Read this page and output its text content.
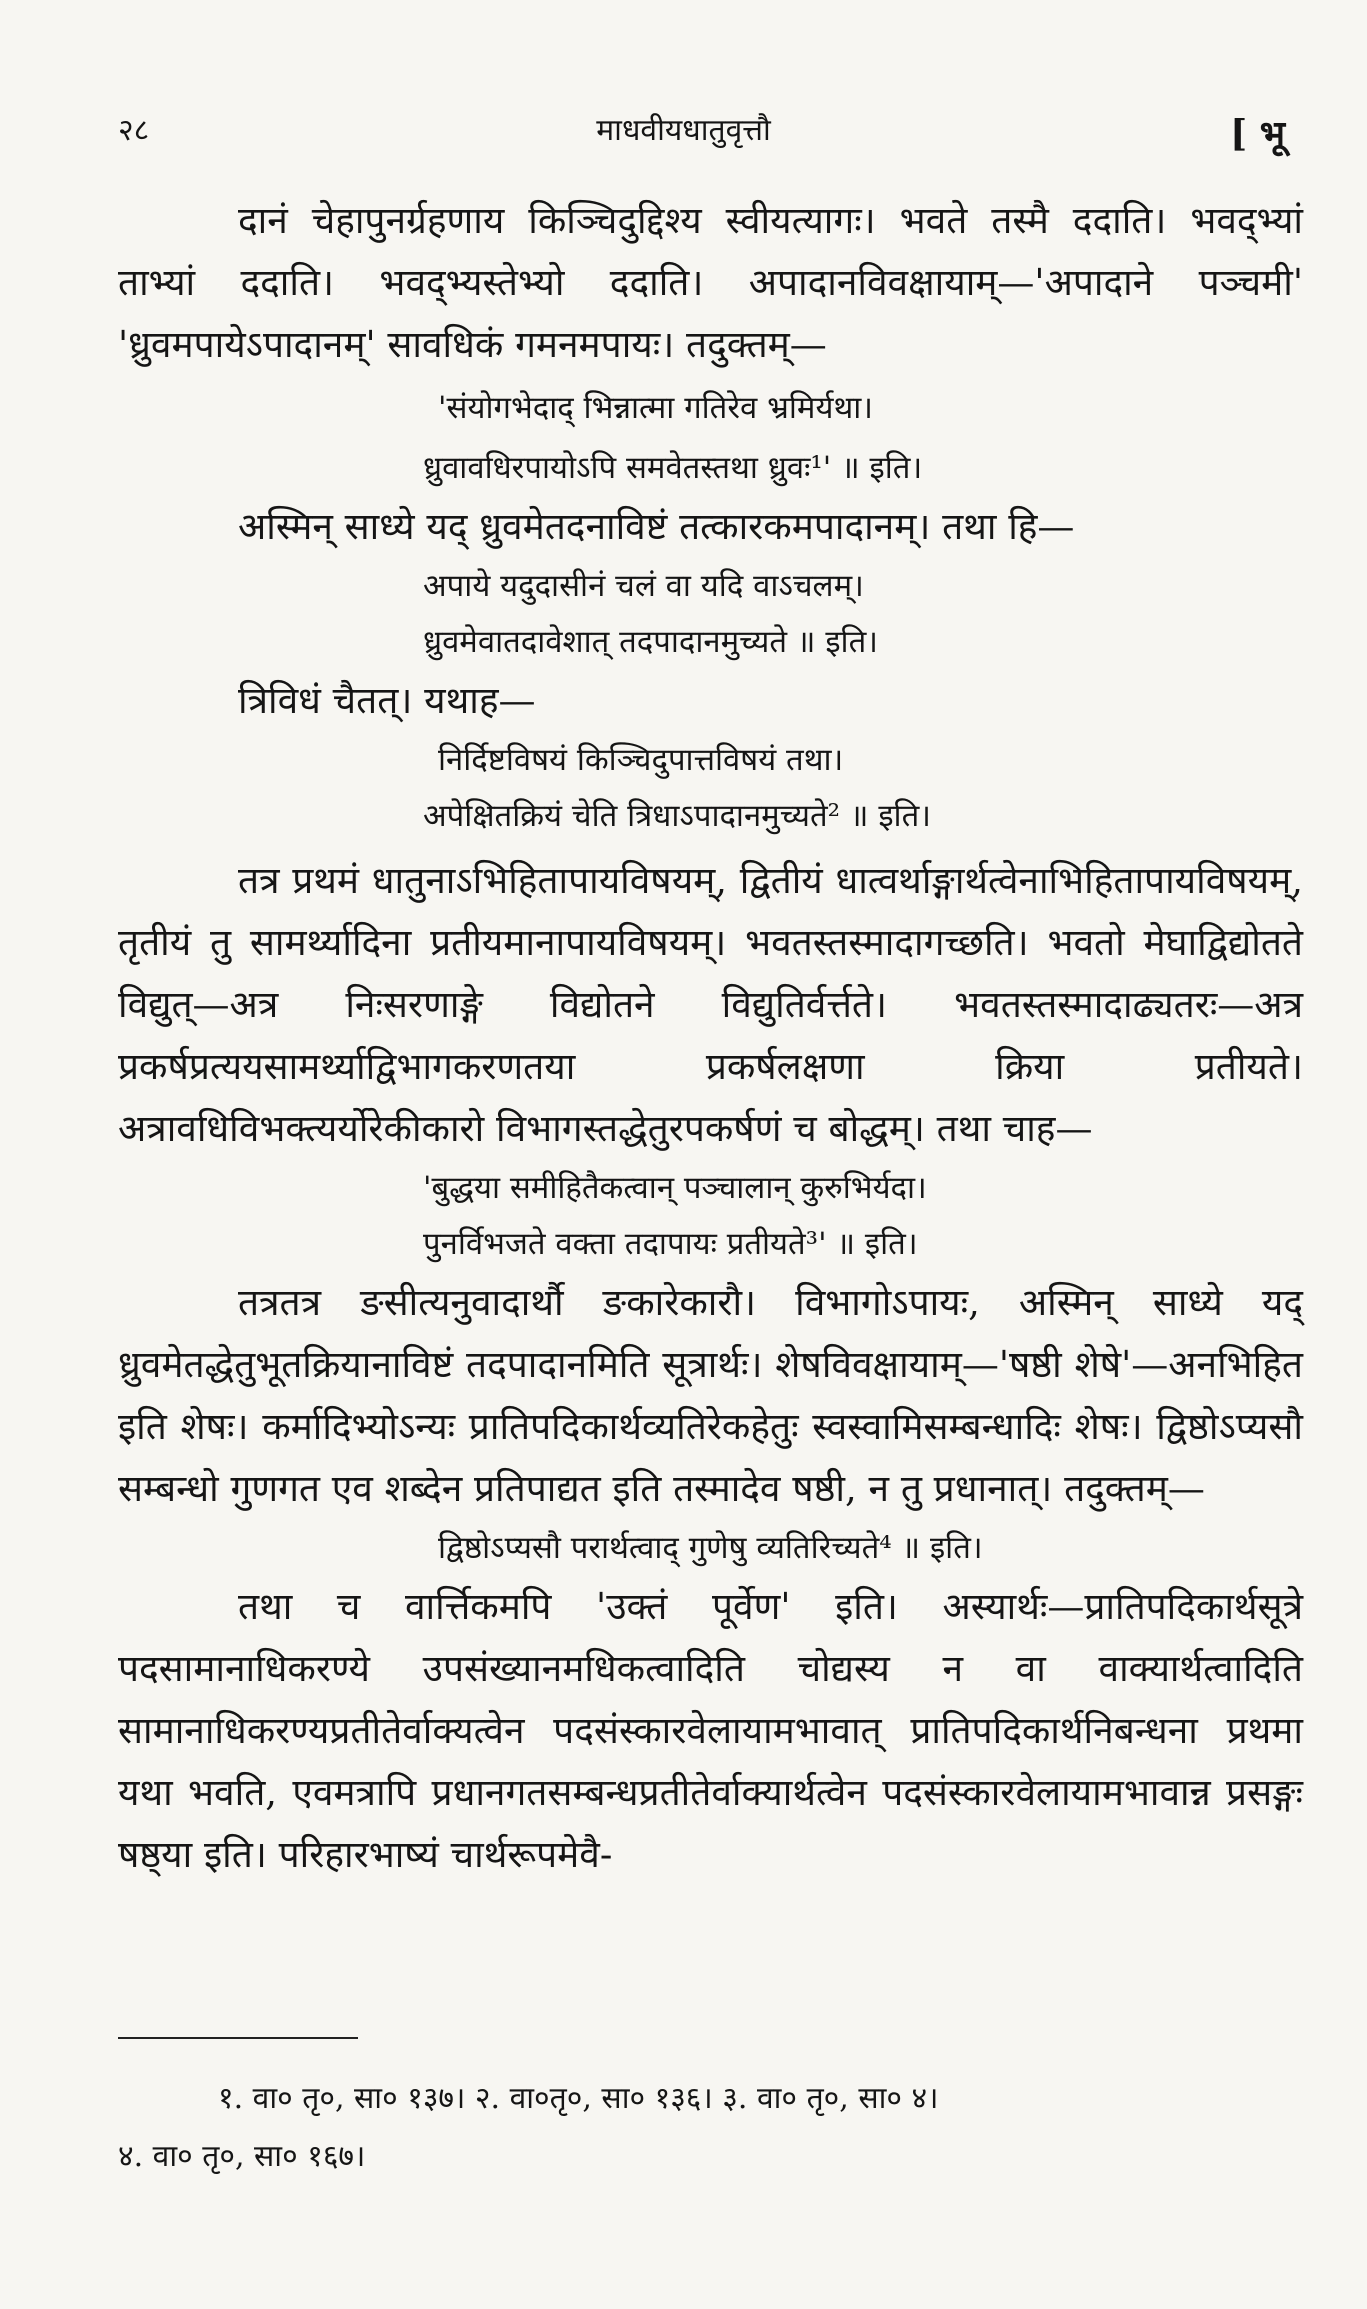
२८	माधवीयधातुवृत्तौ	[ भू

दानं चेहापुनर्ग्रहणाय किञ्चिदुद्दिश्य स्वीयत्यागः। भवते तस्मै ददाति। भवद्भ्यां ताभ्यां ददाति। भवद्भ्यस्तेभ्यो ददाति। अपादानविवक्षायाम्—'अपादाने पञ्चमी' 'ध्रुवमपायेऽपादानम्' सावधिकं गमनमपायः। तदुक्तम्—

'संयोगभेदाद् भिन्नात्मा गतिरेव भ्रमिर्यथा।

ध्रुवावधिरपायोऽपि समवेतस्तथा ध्रुवः¹' ॥ इति।

अस्मिन् साध्ये यद् ध्रुवमेतदनाविष्टं तत्कारकमपादानम्। तथा हि—

अपाये यदुदासीनं चलं वा यदि वाऽचलम्।

ध्रुवमेवातदावेशात् तदपादानमुच्यते ॥ इति।

त्रिविधं चैतत्। यथाह—

निर्दिष्टविषयं किञ्चिदुपात्तविषयं तथा।

अपेक्षितक्रियं चेति त्रिधाऽपादानमुच्यते² ॥ इति।

तत्र प्रथमं धातुनाऽभिहितापायविषयम्, द्वितीयं धात्वर्थाङ्गार्थत्वेनाभिहितापायविषयम्, तृतीयं तु सामर्थ्यादिना प्रतीयमानापायविषयम्। भवतस्तस्मादागच्छति। भवतो मेघाद्विद्योतते विद्युत्—अत्र निःसरणाङ्गे विद्योतने विद्युतिर्वर्त्तते। भवतस्तस्मादाढ्यतरः—अत्र प्रकर्षप्रत्ययसामर्थ्याद्विभागकरणतया प्रकर्षलक्षणा क्रिया प्रतीयते। अत्रावधिविभक्त्यर्योरेकीकारो विभागस्तद्धेतुरपकर्षणं च बोद्धम्। तथा चाह—

'बुद्धया समीहितैकत्वान् पञ्चालान् कुरुभिर्यदा।

पुनर्विभजते वक्ता तदापायः प्रतीयते³' ॥ इति।

तत्रतत्र ङसीत्यनुवादार्थौ ङकारेकारौ। विभागोऽपायः, अस्मिन् साध्ये यद् ध्रुवमेतद्धेतुभूतक्रियानाविष्टं तदपादानमिति सूत्रार्थः। शेषविवक्षायाम्—'षष्ठी शेषे'—अनभिहित इति शेषः। कर्मादिभ्योऽन्यः प्रातिपदिकार्थव्यतिरेकहेतुः स्वस्वामिसम्बन्धादिः शेषः। द्विष्ठोऽप्यसौ सम्बन्धो गुणगत एव शब्देन प्रतिपाद्यत इति तस्मादेव षष्ठी, न तु प्रधानात्। तदुक्तम्—

द्विष्ठोऽप्यसौ परार्थत्वाद् गुणेषु व्यतिरिच्यते⁴ ॥ इति।

तथा च वार्त्तिकमपि 'उक्तं पूर्वेण' इति। अस्यार्थः—प्रातिपदिकार्थसूत्रे पदसामानाधिकरण्ये उपसंख्यानमधिकत्वादिति चोद्यस्य न वा वाक्यार्थत्वादिति सामानाधिकरण्यप्रतीतेर्वाक्यत्वेन पदसंस्कारवेलायामभावात् प्रातिपदिकार्थनिबन्धना प्रथमा यथा भवति, एवमत्रापि प्रधानगतसम्बन्धप्रतीतेर्वाक्यार्थत्वेन पदसंस्कारवेलायामभावान्न प्रसङ्गः षष्ठ्या इति। परिहारभाष्यं चार्थरूपमेवै-

१. वा० तृ०, सा० १३७। २. वा०तृ०, सा० १३६। ३. वा० तृ०, सा० ४।

४. वा० तृ०, सा० १६७।
